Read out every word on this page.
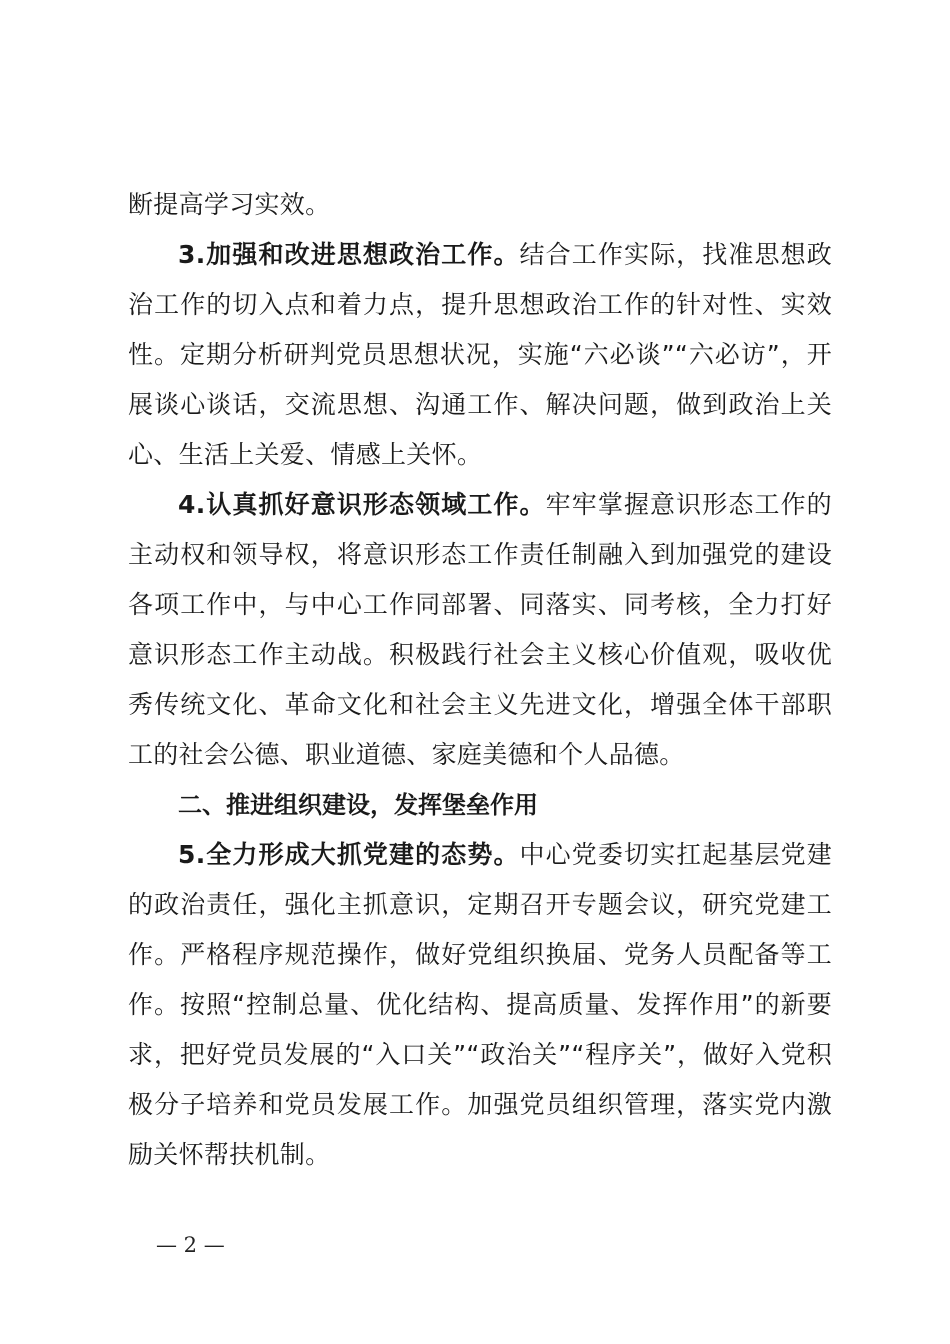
断提高学习实效。

3.加强和改进思想政治工作。结合工作实际，找准思想政治工作的切入点和着力点，提升思想政治工作的针对性、实效性。定期分析研判党员思想状况，实施“六必谈”“六必访”，开展谈心谈话，交流思想、沟通工作、解决问题，做到政治上关心、生活上关爱、情感上关怀。

4.认真抓好意识形态领域工作。牢牢掌握意识形态工作的主动权和领导权，将意识形态工作责任制融入到加强党的建设各项工作中，与中心工作同部署、同落实、同考核，全力打好意识形态工作主动战。积极践行社会主义核心价值观，吸收优秀传统文化、革命文化和社会主义先进文化，增强全体干部职工的社会公德、职业道德、家庭美德和个人品德。

二、推进组织建设，发挥堡垒作用

5.全力形成大抓党建的态势。中心党委切实扛起基层党建的政治责任，强化主抓意识，定期召开专题会议，研究党建工作。严格程序规范操作，做好党组织换届、党务人员配备等工作。按照“控制总量、优化结构、提高质量、发挥作用”的新要求，把好党员发展的“入口关”“政治关”“程序关”，做好入党积极分子培养和党员发展工作。加强党员组织管理，落实党内激励关怀帮扶机制。

— 2 —
